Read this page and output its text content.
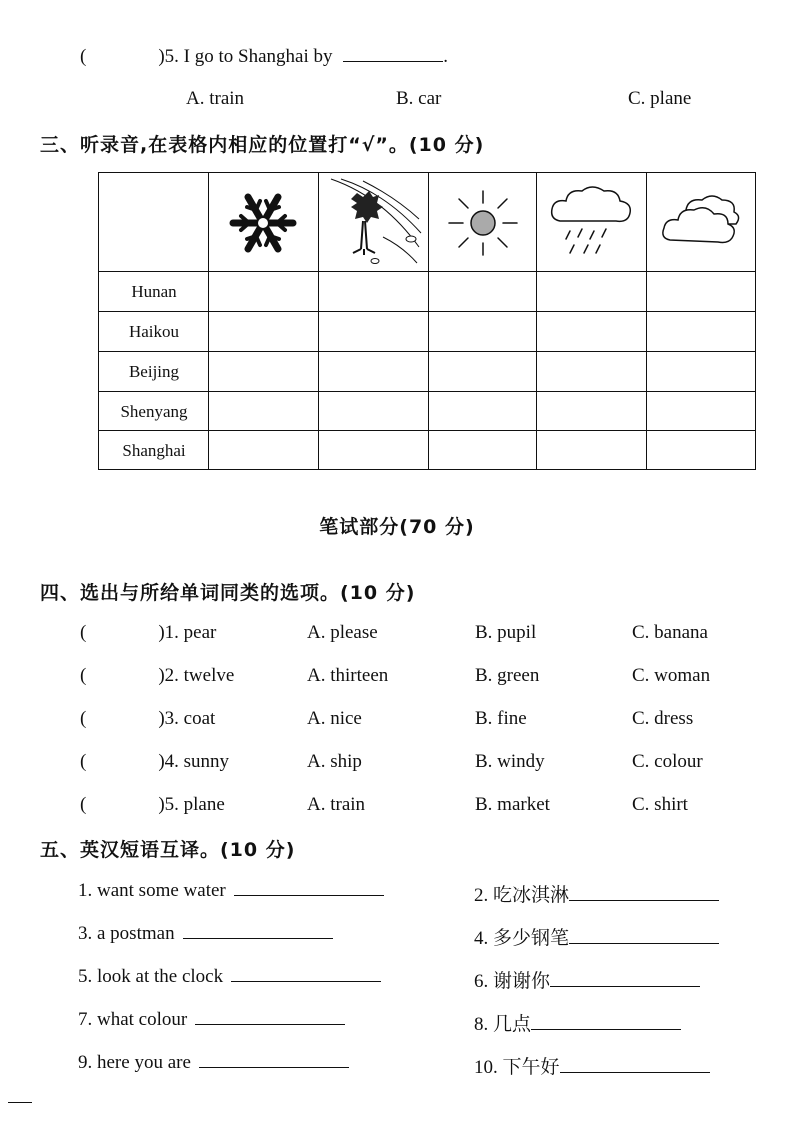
(	)5. I go to Shanghai by	.
A. train	B. car	C. plane
三、听录音,在表格内相应的位置打“√”。(10 分)
Hunan
Haikou
Beijing
Shenyang
Shanghai
笔试部分(70 分)
四、选出与所给单词同类的选项。(10 分)
(	)1. pear	A. please	B. pupil	C. banana
(	)2. twelve	A. thirteen	B. green	C. woman
(	)3. coat	A. nice	B. fine	C. dress
(	)4. sunny	A. ship	B. windy	C. colour
(	)5. plane	A. train	B. market	C. shirt
五、英汉短语互译。(10 分)
1. want some water	2. 吃冰淇淋
3. a postman	4. 多少钢笔
5. look at the clock	6. 谢谢你
7. what colour	8. 几点
9. here you are	10. 下午好
